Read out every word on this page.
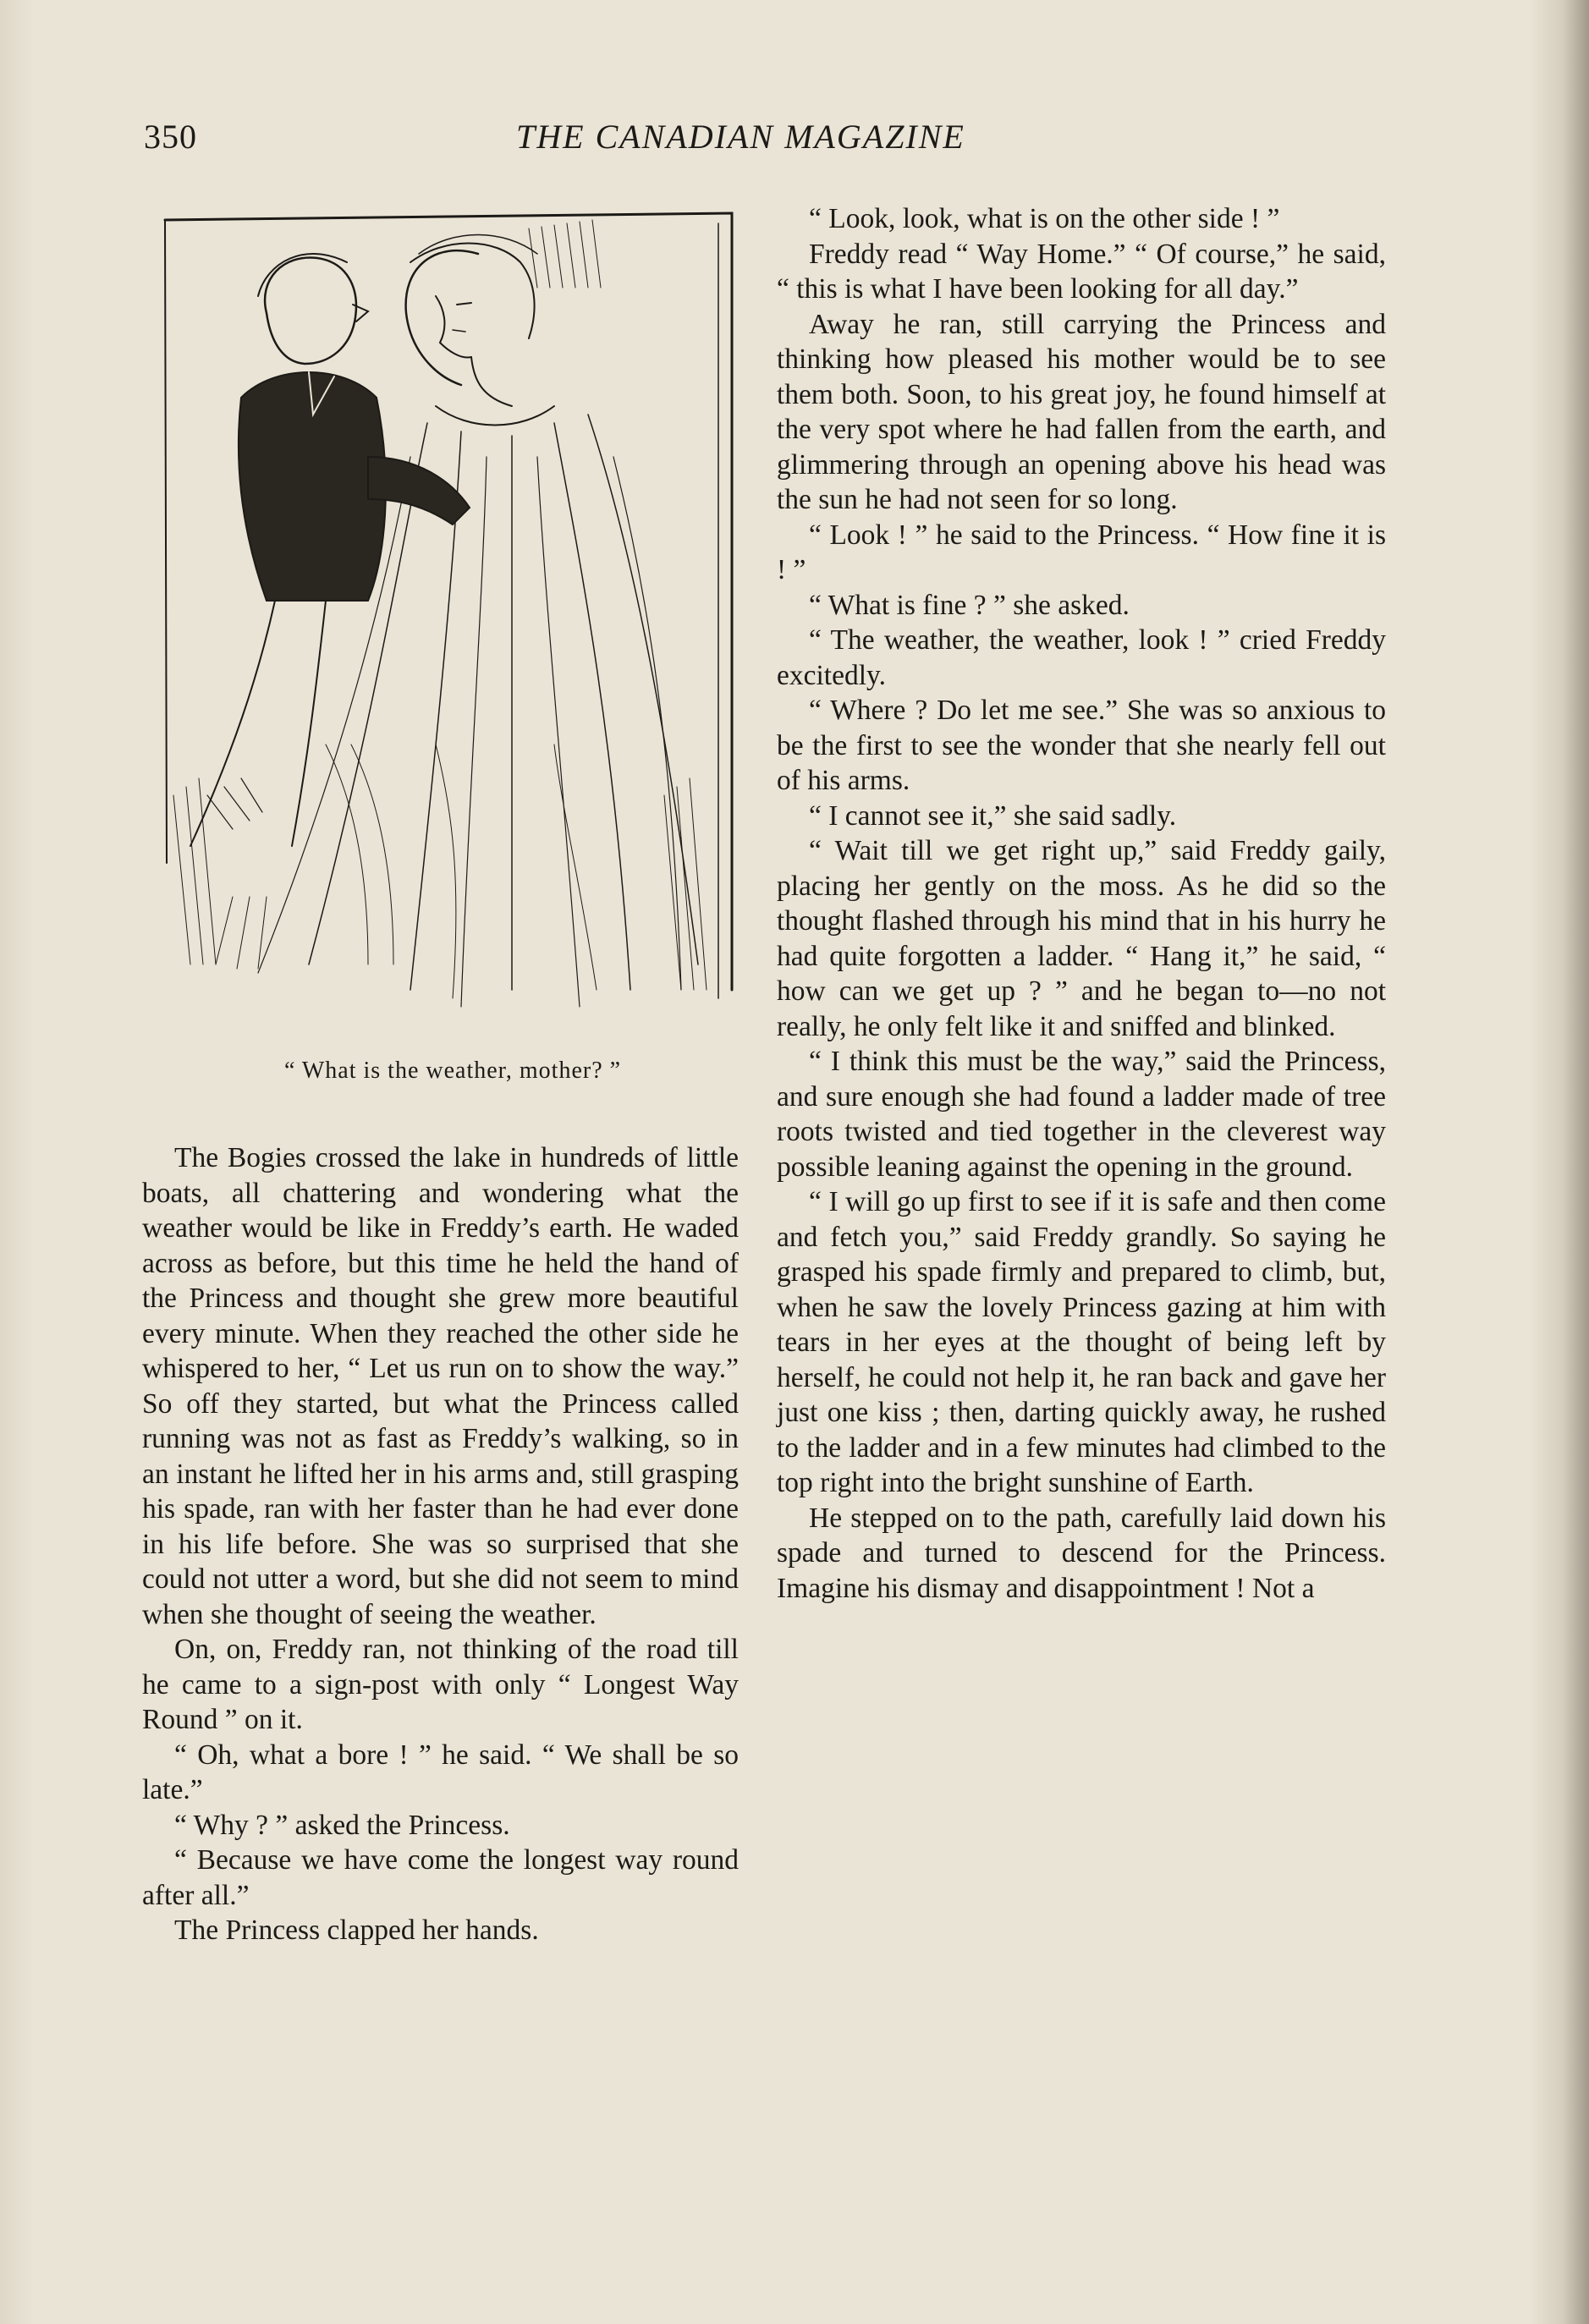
350	THE CANADIAN MAGAZINE
“ What is the weather, mother? ”

The Bogies crossed the lake in hundreds of little boats, all chattering and wondering what the weather would be like in Freddy’s earth. He waded across as before, but this time he held the hand of the Princess and thought she grew more beautiful every minute. When they reached the other side he whispered to her, “ Let us run on to show the way.” So off they started, but what the Princess called running was not as fast as Freddy’s walking, so in an instant he lifted her in his arms and, still grasping his spade, ran with her faster than he had ever done in his life before. She was so surprised that she could not utter a word, but she did not seem to mind when she thought of seeing the weather.

On, on, Freddy ran, not thinking of the road till he came to a sign-post with only “ Longest Way Round ” on it.

“ Oh, what a bore ! ” he said. “ We shall be so late.”

“ Why ? ” asked the Princess.

“ Because we have come the longest way round after all.”

The Princess clapped her hands.

“ Look, look, what is on the other side ! ”

Freddy read “ Way Home.” “ Of course,” he said, “ this is what I have been looking for all day.”

Away he ran, still carrying the Princess and thinking how pleased his mother would be to see them both. Soon, to his great joy, he found himself at the very spot where he had fallen from the earth, and glimmering through an opening above his head was the sun he had not seen for so long.

“ Look ! ” he said to the Princess. “ How fine it is ! ”

“ What is fine ? ” she asked.

“ The weather, the weather, look ! ” cried Freddy excitedly.

“ Where ? Do let me see.” She was so anxious to be the first to see the wonder that she nearly fell out of his arms.

“ I cannot see it,” she said sadly.

“ Wait till we get right up,” said Freddy gaily, placing her gently on the moss. As he did so the thought flashed through his mind that in his hurry he had quite forgotten a ladder. “ Hang it,” he said, “ how can we get up ? ” and he began to—no not really, he only felt like it and sniffed and blinked.

“ I think this must be the way,” said the Princess, and sure enough she had found a ladder made of tree roots twisted and tied together in the cleverest way possible leaning against the opening in the ground.

“ I will go up first to see if it is safe and then come and fetch you,” said Freddy grandly. So saying he grasped his spade firmly and prepared to climb, but, when he saw the lovely Princess gazing at him with tears in her eyes at the thought of being left by herself, he could not help it, he ran back and gave her just one kiss ; then, darting quickly away, he rushed to the ladder and in a few minutes had climbed to the top right into the bright sunshine of Earth.

He stepped on to the path, carefully laid down his spade and turned to descend for the Princess. Imagine his dismay and disappointment ! Not a
